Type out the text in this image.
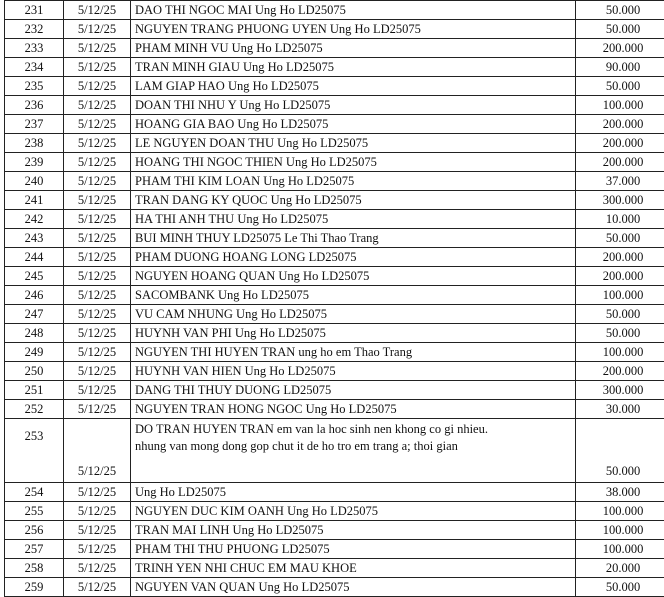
231	5/12/25	DAO THI NGOC MAI Ung Ho LD25075	50.000
232	5/12/25	NGUYEN TRANG PHUONG UYEN Ung Ho LD25075	50.000
233	5/12/25	PHAM MINH VU Ung Ho LD25075	200.000
234	5/12/25	TRAN MINH GIAU Ung Ho LD25075	90.000
235	5/12/25	LAM GIAP HAO Ung Ho LD25075	50.000
236	5/12/25	DOAN THI NHU Y Ung Ho LD25075	100.000
237	5/12/25	HOANG GIA BAO Ung Ho LD25075	200.000
238	5/12/25	LE NGUYEN DOAN THU Ung Ho LD25075	200.000
239	5/12/25	HOANG THI NGOC THIEN Ung Ho LD25075	200.000
240	5/12/25	PHAM THI KIM LOAN Ung Ho LD25075	37.000
241	5/12/25	TRAN DANG KY QUOC Ung Ho LD25075	300.000
242	5/12/25	HA THI ANH THU Ung Ho LD25075	10.000
243	5/12/25	BUI MINH THUY LD25075 Le Thi Thao Trang	50.000
244	5/12/25	PHAM DUONG HOANG LONG LD25075	200.000
245	5/12/25	NGUYEN HOANG QUAN Ung Ho LD25075	200.000
246	5/12/25	SACOMBANK Ung Ho LD25075	100.000
247	5/12/25	VU CAM NHUNG Ung Ho LD25075	50.000
248	5/12/25	HUYNH VAN PHI Ung Ho LD25075	50.000
249	5/12/25	NGUYEN THI HUYEN TRAN ung ho em Thao Trang	100.000
250	5/12/25	HUYNH VAN HIEN Ung Ho LD25075	200.000
251	5/12/25	DANG THI THUY DUONG LD25075	300.000
252	5/12/25	NGUYEN TRAN HONG NGOC Ung Ho LD25075	30.000
253	5/12/25	DO TRAN HUYEN TRAN em van la hoc sinh nen khong co gi nhieu.
nhung van mong dong gop chut it de ho tro em trang a; thoi gian	50.000
254	5/12/25	Ung Ho LD25075	38.000
255	5/12/25	NGUYEN DUC KIM OANH Ung Ho LD25075	100.000
256	5/12/25	TRAN MAI LINH Ung Ho LD25075	100.000
257	5/12/25	PHAM THI THU PHUONG LD25075	100.000
258	5/12/25	TRINH YEN NHI CHUC EM MAU KHOE	20.000
259	5/12/25	NGUYEN VAN QUAN Ung Ho LD25075	50.000
